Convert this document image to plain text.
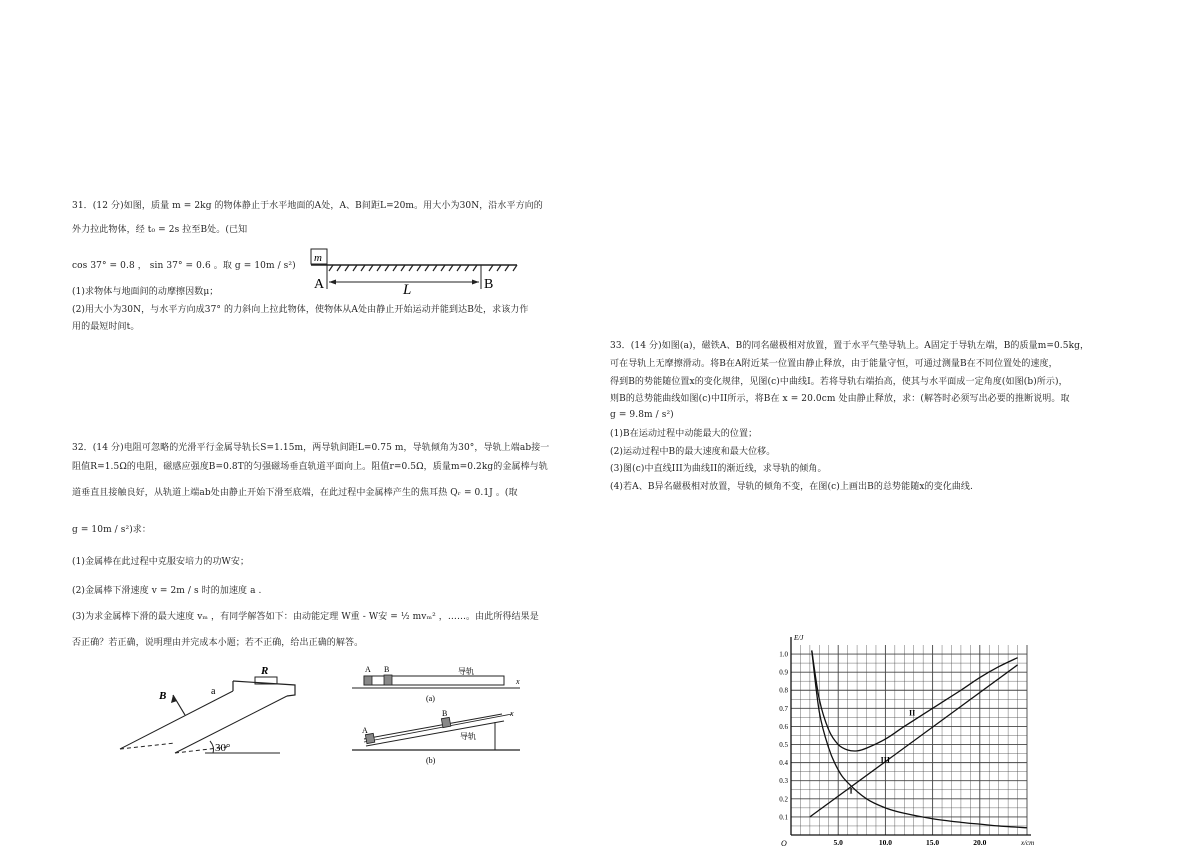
31．(12 分)如图，质量 m = 2kg 的物体静止于水平地面的A处，A、B间距L=20m。用大小为30N，沿水平方向的
外力拉此物体，经 t₀ = 2s 拉至B处。(已知
cos 37° = 0.8 ， sin 37° = 0.6 。取 g = 10m / s²)
(1)求物体与地面间的动摩擦因数μ；
(2)用大小为30N，与水平方向成37° 的力斜向上拉此物体，使物体从A处由静止开始运动并能到达B处，求该力作
用的最短时间t。
m
A	B
L
32．(14 分)电阻可忽略的光滑平行金属导轨长S=1.15m，两导轨间距L=0.75 m，导轨倾角为30°，导轨上端ab接一
阻值R=1.5Ω的电阻，磁感应强度B=0.8T的匀强磁场垂直轨道平面向上。阻值r=0.5Ω，质量m=0.2kg的金属棒与轨
道垂直且接触良好，从轨道上端ab处由静止开始下滑至底端，在此过程中金属棒产生的焦耳热 Qᵣ = 0.1J 。(取
g = 10m / s²)求：
(1)金属棒在此过程中克服安培力的功W安；
(2)金属棒下滑速度 v = 2m / s 时的加速度 a .
(3)为求金属棒下滑的最大速度 vₘ ，有同学解答如下：由动能定理 W重 - W安 = ½ mvₘ² ，……。由此所得结果是
否正确？若正确，说明理由并完成本小题；若不正确，给出正确的解答。
R
30°
B	a
x
A B	导轨
(a)
x
A
B
导轨
(b)
33．(14 分)如图(a)，磁铁A、B的同名磁极相对放置，置于水平气垫导轨上。A固定于导轨左端，B的质量m=0.5kg，
可在导轨上无摩擦滑动。将B在A附近某一位置由静止释放，由于能量守恒，可通过测量B在不同位置处的速度，
得到B的势能随位置x的变化规律，见图(c)中曲线I。若将导轨右端抬高，使其与水平面成一定角度(如图(b)所示)，
则B的总势能曲线如图(c)中II所示，将B在 x = 20.0cm 处由静止释放，求：(解答时必须写出必要的推断说明。取
g = 9.8m / s²)
(1)B在运动过程中动能最大的位置；
(2)运动过程中B的最大速度和最大位移。
(3)图(c)中直线III为曲线II的渐近线，求导轨的倾角。
(4)若A、B异名磁极相对放置，导轨的倾角不变，在图(c)上画出B的总势能随x的变化曲线.
5.0	10.0	15.0	20.0
0.1
0.2
0.3
0.4
0.5
0.6
0.7
0.8
0.9
1.0
O	x/cm
E/J
I
II
III
